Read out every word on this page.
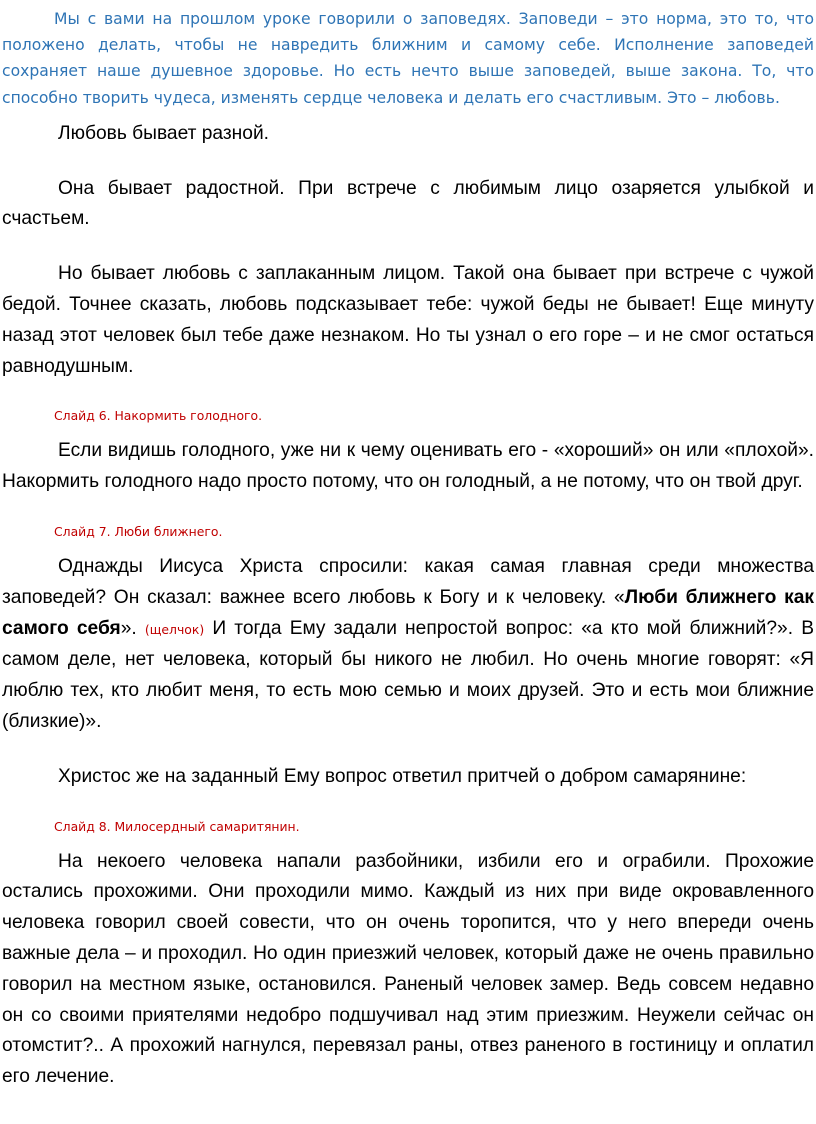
Мы с вами на прошлом уроке говорили о заповедях. Заповеди – это норма, это то, что положено делать, чтобы не навредить ближним и самому себе. Исполнение заповедей сохраняет наше душевное здоровье. Но есть нечто выше заповедей, выше закона. То, что способно творить чудеса, изменять сердце человека и делать его счастливым. Это – любовь.

Любовь бывает разной.

Она бывает радостной. При встрече с любимым лицо озаряется улыбкой и счастьем.

Но бывает любовь с заплаканным лицом. Такой она бывает при встрече с чужой бедой. Точнее сказать, любовь подсказывает тебе: чужой беды не бывает! Еще минуту назад этот человек был тебе даже незнаком. Но ты узнал о его горе – и не смог остаться равнодушным.

Слайд 6. Накормить голодного.

Если видишь голодного, уже ни к чему оценивать его - «хороший» он или «плохой». Накормить голодного надо просто потому, что он голодный, а не потому, что он твой друг.

Слайд 7. Люби ближнего.

Однажды Иисуса Христа спросили: какая самая главная среди множества заповедей? Он сказал: важнее всего любовь к Богу и к человеку. «Люби ближнего как самого себя». (щелчок) И тогда Ему задали непростой вопрос: «а кто мой ближний?». В самом деле, нет человека, который бы никого не любил. Но очень многие говорят: «Я люблю тех, кто любит меня, то есть мою семью и моих друзей. Это и есть мои ближние (близкие)».

Христос же на заданный Ему вопрос ответил притчей о добром самарянине:

Слайд 8. Милосердный самаритянин.

На некоего человека напали разбойники, избили его и ограбили. Прохожие остались прохожими. Они проходили мимо. Каждый из них при виде окровавленного человека говорил своей совести, что он очень торопится, что у него впереди очень важные дела – и проходил. Но один приезжий человек, который даже не очень правильно говорил на местном языке, остановился. Раненый человек замер. Ведь совсем недавно он со своими приятелями недобро подшучивал над этим приезжим. Неужели сейчас он отомстит?.. А прохожий нагнулся, перевязал раны, отвез раненого в гостиницу и оплатил его лечение.
